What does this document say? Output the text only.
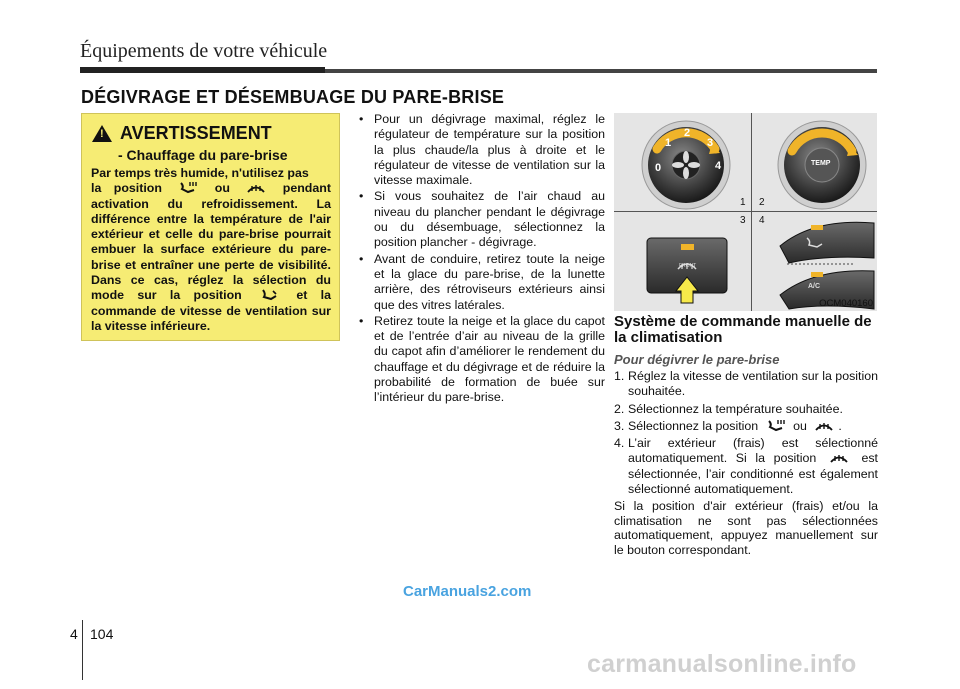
Équipements de votre véhicule
DÉGIVRAGE ET DÉSEMBUAGE DU PARE-BRISE
!
AVERTISSEMENT
- Chauffage du pare-brise
Par temps très humide, n'utilisez pas
la position	ou	pendant activation du refroidissement. La différence entre la température de l'air extérieur et celle du pare-brise pourrait embuer la surface extérieure du pare-brise et entraîner une perte de visibilité. Dans ce cas, réglez la sélection du mode sur la position	et la commande de vitesse de ventilation sur la vitesse inférieure.
• Pour un dégivrage maximal, réglez le régulateur de température sur la position la plus chaude/la plus à droite et le régulateur de vitesse de ventilation sur la vitesse maximale.
• Si vous souhaitez de l’air chaud au niveau du plancher pendant le dégivrage ou du désembuage, sélectionnez la position plancher - dégivrage.
• Avant de conduire, retirez toute la neige et la glace du pare-brise, de la lunette arrière, des rétroviseurs extérieurs ainsi que des vitres latérales.
• Retirez toute la neige et la glace du capot et de l’entrée d’air au niveau de la grille du capot afin d’améliorer le rendement du chauffage et du dégivrage et de réduire la probabilité de formation de buée sur l’intérieur du pare-brise.
0
1
2
3
4	TEMP
FRONT
A/C
1 2
3 4
OCM040160
Système de commande manuelle de la climatisation
Pour dégivrer le pare-brise
1. Réglez la vitesse de ventilation sur la position souhaitée.
2. Sélectionnez la température souhaitée.
3. Sélectionnez la position	ou	.
4. L’air extérieur (frais) est sélectionné automatiquement. Si la position	est sélectionnée, l’air conditionné est également sélectionné automatiquement.
Si la position d'air extérieur (frais) et/ou la climatisation ne sont pas sélectionnées automatiquement, appuyez manuellement sur le bouton correspondant.
4 104
CarManuals2.com
carmanualsonline.info
